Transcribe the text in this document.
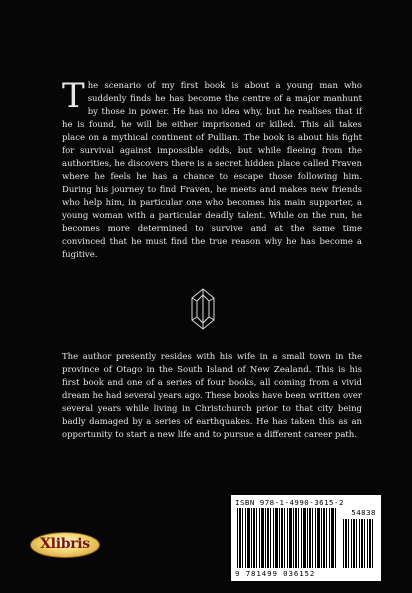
The scenario of my first book is about a young man who suddenly finds he has become the centre of a major manhunt by those in power. He has no idea why, but he realises that if he is found, he will be either imprisoned or killed. This all takes place on a mythical continent of Pullian. The book is about his fight for survival against impossible odds, but while fleeing from the authorities, he discovers there is a secret hidden place called Fraven where he feels he has a chance to escape those following him. During his journey to find Fraven, he meets and makes new friends who help him, in particular one who becomes his main supporter, a young woman with a particular deadly talent. While on the run, he becomes more determined to survive and at the same time convinced that he must find the true reason why he has become a fugitive.

The author presently resides with his wife in a small town in the province of Otago in the South Island of New Zealand. This is his first book and one of a series of four books, all coming from a vivid dream he had several years ago. These books have been written over several years while living in Christchurch prior to that city being badly damaged by a series of earthquakes. He has taken this as an opportunity to start a new life and to pursue a different career path.

ISBN 978-1-4990-3615-2
54838
9 781499 036152
Xlibris
